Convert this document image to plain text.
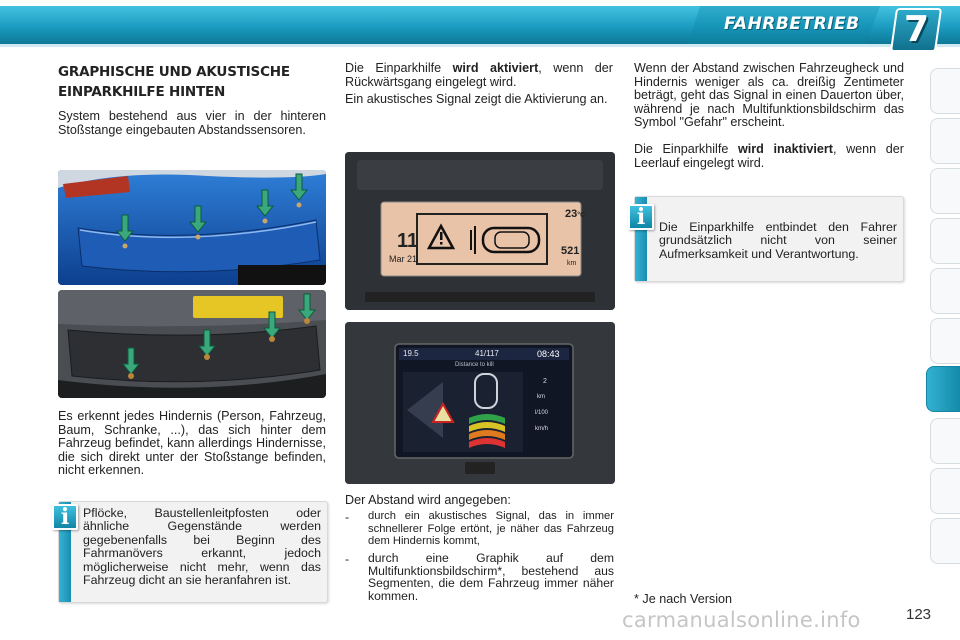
FAHRBETRIEB 7
GRAPHISCHE UND AKUSTISCHE
EINPARKHILFE HINTEN
System bestehend aus vier in der hinteren Stoßstange eingebauten Abstandssensoren.
Es erkennt jedes Hindernis (Person, Fahrzeug, Baum, Schranke, ...), das sich hinter dem Fahrzeug befindet, kann allerdings Hindernisse, die sich direkt unter der Stoßstange befinden, nicht erkennen.
i	Pflöcke, Baustellenleitpfosten oder ähnliche Gegenstände werden gegebenenfalls bei Beginn des Fahrmanövers erkannt, jedoch möglicherweise nicht mehr, wenn das Fahrzeug dicht an sie heranfahren ist.
Die Einparkhilfe wird aktiviert, wenn der Rückwärtsgang eingelegt wird.
Ein akustisches Signal zeigt die Aktivierung an.
11
Mar 21
23°C
521
km
19.5	41/117	08:43
Distance to kill
2
km
l/100
km/h
Der Abstand wird angegeben:
- durch ein akustisches Signal, das in immer schnellerer Folge ertönt, je näher das Fahrzeug dem Hindernis kommt,
- durch eine Graphik auf dem Multifunktionsbildschirm*, bestehend aus Segmenten, die dem Fahrzeug immer näher kommen.
Wenn der Abstand zwischen Fahrzeugheck und Hindernis weniger als ca. dreißig Zentimeter beträgt, geht das Signal in einen Dauerton über, während je nach Multifunktionsbildschirm das Symbol "Gefahr" erscheint.
Die Einparkhilfe wird inaktiviert, wenn der Leerlauf eingelegt wird.
i	Die Einparkhilfe entbindet den Fahrer grundsätzlich nicht von seiner Aufmerksamkeit und Verantwortung.
* Je nach Version
carmanualsonline.info	123
